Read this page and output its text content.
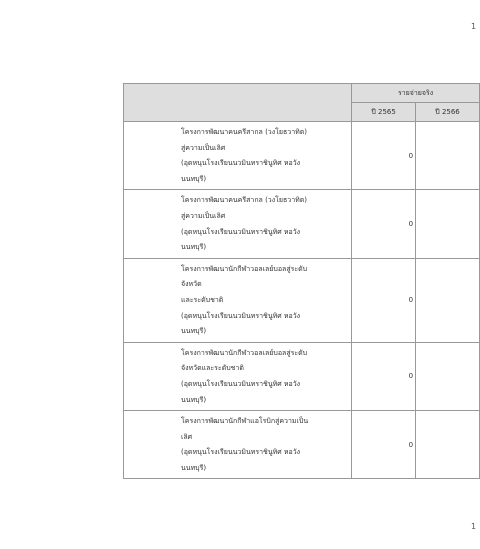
1
	รายจ่ายจริง	
	ปี 2565	ปี 2566

โครงการพัฒนาคนครีสากล (วงโยธวาทิต)
สู่ความเป็นเลิศ
(อุดหนุนโรงเรียนนวมินทราชินูทิศ หอวัง
นนทบุรี)	0	

โครงการพัฒนาคนครีสากล (วงโยธวาทิต)
สู่ความเป็นเลิศ
(อุดหนุนโรงเรียนนวมินทราชินูทิศ หอวัง
นนทบุรี)	0	

โครงการพัฒนานักกีฬาวอลเลย์บอลสู่ระดับ
จังหวัด
และระดับชาติ
(อุดหนุนโรงเรียนนวมินทราชินูทิศ หอวัง
นนทบุรี)	0	

โครงการพัฒนานักกีฬาวอลเลย์บอลสู่ระดับ
จังหวัดและระดับชาติ
(อุดหนุนโรงเรียนนวมินทราชินูทิศ หอวัง
นนทบุรี)	0	

โครงการพัฒนานักกีฬาแอโรบิกสู่ความเป็น
เลิศ
(อุดหนุนโรงเรียนนวมินทราชินูทิศ หอวัง
นนทบุรี)	0	
1
